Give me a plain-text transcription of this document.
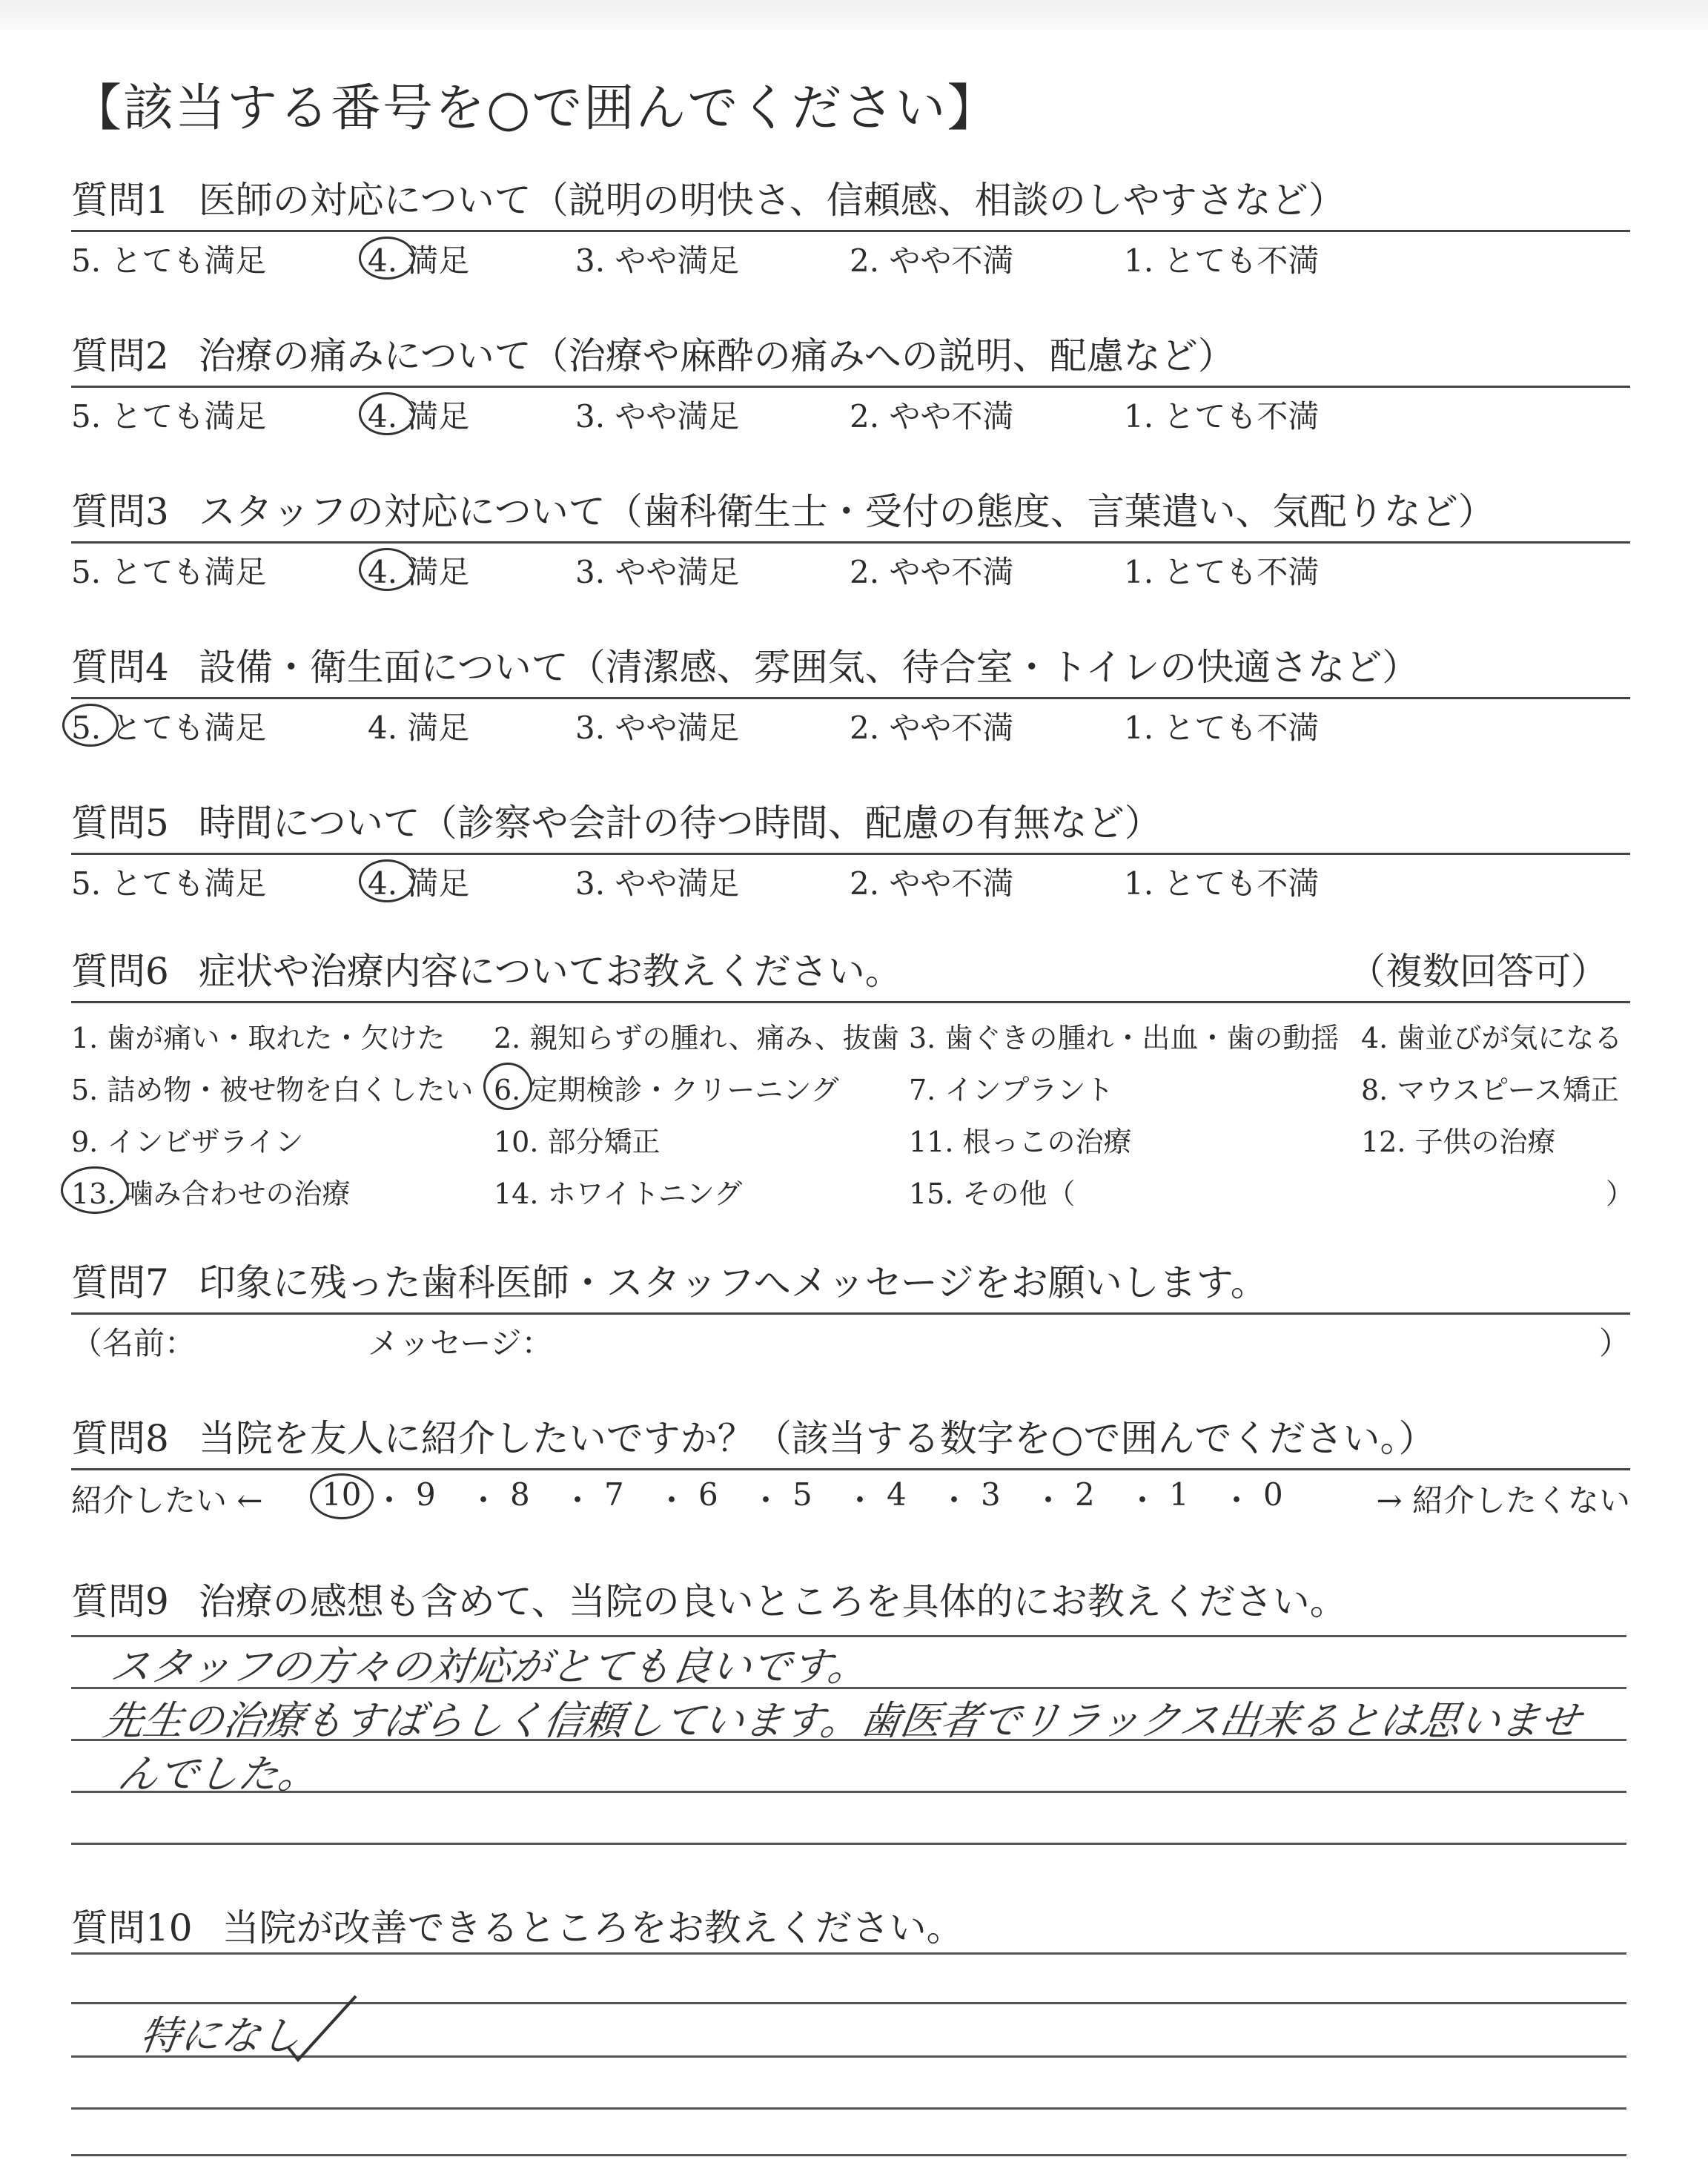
【該当する番号を○で囲んでください】
質問1 医師の対応について（説明の明快さ、信頼感、相談のしやすさなど）
5. とても満足	4. 満足	3. やや満足	2. やや不満	1. とても不満
質問2 治療の痛みについて（治療や麻酔の痛みへの説明、配慮など）
5. とても満足	4. 満足	3. やや満足	2. やや不満	1. とても不満
質問3 スタッフの対応について（歯科衛生士・受付の態度、言葉遣い、気配りなど）
5. とても満足	4. 満足	3. やや満足	2. やや不満	1. とても不満
質問4 設備・衛生面について（清潔感、雰囲気、待合室・トイレの快適さなど）
5. とても満足	4. 満足	3. やや満足	2. やや不満	1. とても不満
質問5 時間について（診察や会計の待つ時間、配慮の有無など）
5. とても満足	4. 満足	3. やや満足	2. やや不満	1. とても不満
質問6 症状や治療内容についてお教えください。	（複数回答可）
1. 歯が痛い・取れた・欠けた 2. 親知らずの腫れ、痛み、抜歯 3. 歯ぐきの腫れ・出血・歯の動揺 4. 歯並びが気になる
5. 詰め物・被せ物を白くしたい 6. 定期検診・クリーニング 7. インプラント	8. マウスピース矯正
9. インビザライン	10. 部分矯正	11. 根っこの治療	12. 子供の治療
13. 噛み合わせの治療	14. ホワイトニング	15. その他（	）
質問7 印象に残った歯科医師・スタッフへメッセージをお願いします。
（名前：	メッセージ：	）
質問8 当院を友人に紹介したいですか？（該当する数字を○で囲んでください。）
紹介したい ←	→ 紹介したくない
10 ・ 9 ・ 8 ・ 7 ・ 6 ・ 5 ・ 4 ・ 3 ・ 2 ・ 1 ・ 0
質問9 治療の感想も含めて、当院の良いところを具体的にお教えください。
スタッフの方々の対応がとても良いです。
先生の治療もすばらしく信頼しています。歯医者でリラックス出来るとは思いませ
んでした。
質問10 当院が改善できるところをお教えください。
特になし
